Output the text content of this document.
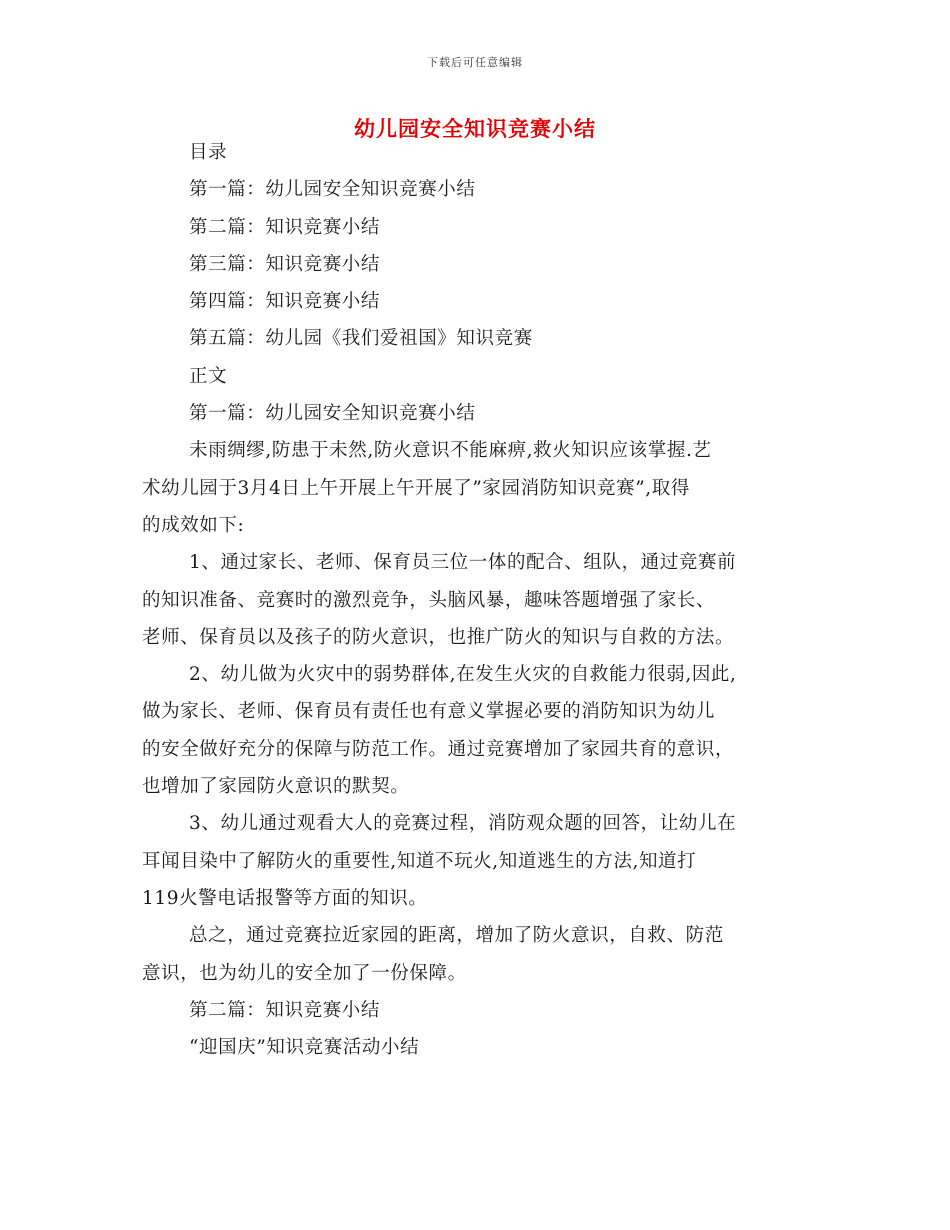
下载后可任意编辑
幼儿园安全知识竞赛小结
目录
第一篇：幼儿园安全知识竞赛小结
第二篇：知识竞赛小结
第三篇：知识竞赛小结
第四篇：知识竞赛小结
第五篇：幼儿园《我们爱祖国》知识竞赛
正文
第一篇：幼儿园安全知识竞赛小结
未雨绸缪,防患于未然,防火意识不能麻痹,救火知识应该掌握.艺
术幼儿园于3月4日上午开展上午开展了”家园消防知识竞赛”,取得
的成效如下:
1、通过家长、老师、保育员三位一体的配合、组队，通过竞赛前
的知识准备、竞赛时的激烈竞争，头脑风暴，趣味答题增强了家长、
老师、保育员以及孩子的防火意识，也推广防火的知识与自救的方法。
2、幼儿做为火灾中的弱势群体,在发生火灾的自救能力很弱,因此,
做为家长、老师、保育员有责任也有意义掌握必要的消防知识为幼儿
的安全做好充分的保障与防范工作。通过竞赛增加了家园共育的意识，
也增加了家园防火意识的默契。
3、幼儿通过观看大人的竞赛过程，消防观众题的回答，让幼儿在
耳闻目染中了解防火的重要性,知道不玩火,知道逃生的方法,知道打
119火警电话报警等方面的知识。
总之，通过竞赛拉近家园的距离，增加了防火意识，自救、防范
意识，也为幼儿的安全加了一份保障。
第二篇：知识竞赛小结
“迎国庆”知识竞赛活动小结
